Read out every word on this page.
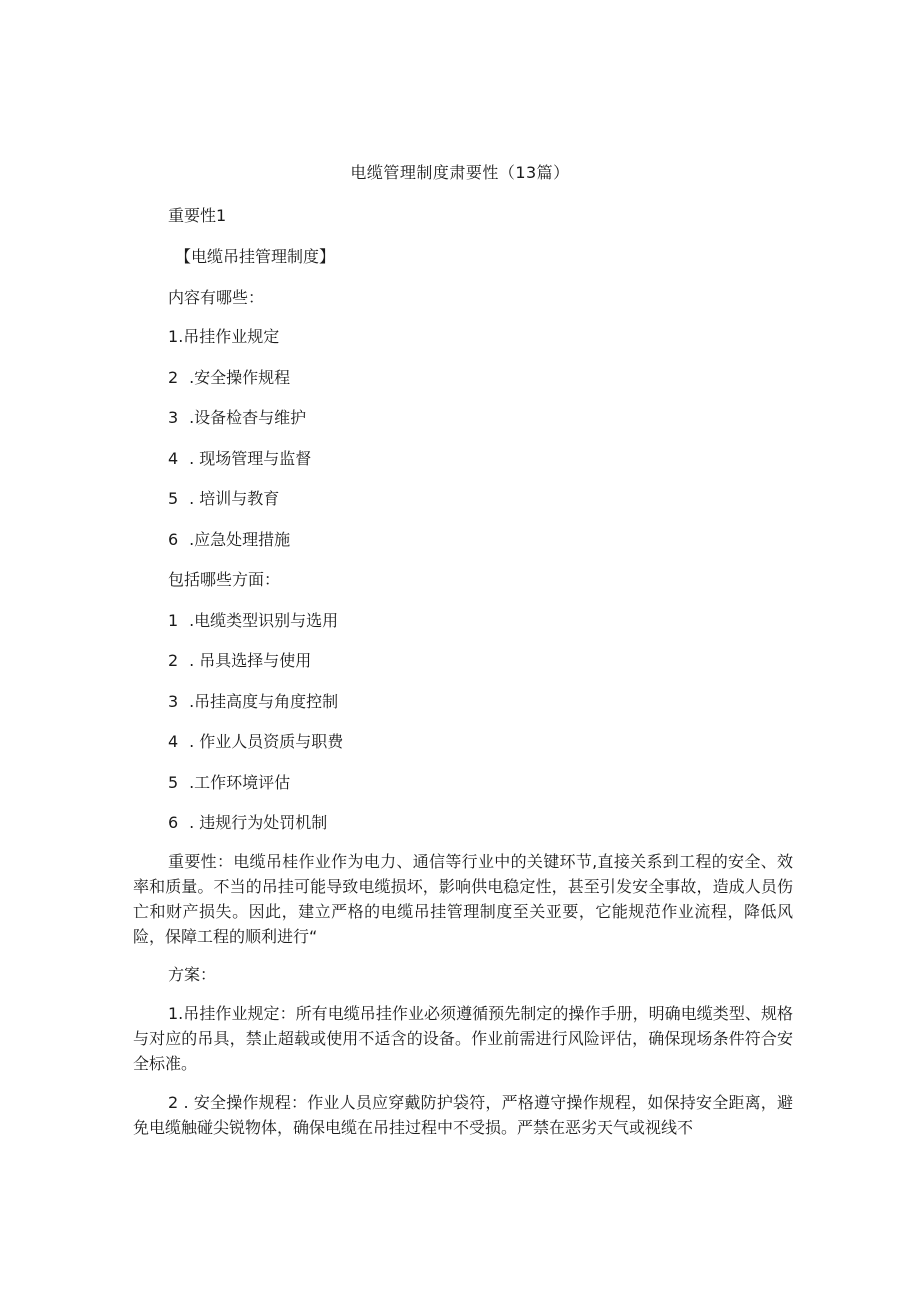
电缆管理制度肃要性（13篇）
重要性1
【电缆吊挂管理制度】
内容有哪些：
1.吊挂作业规定
2 .安全操作规程
3 .设备检杳与维护
4 . 现场管理与监督
5 . 培训与教育
6 .应急处理措施
包括哪些方面：
1 .电缆类型识别与选用
2 . 吊具选择与使用
3 .吊挂高度与角度控制
4 . 作业人员资质与职费
5 .工作环境评估
6 . 违规行为处罚机制
重要性：电缆吊桂作业作为电力、通信等行业中的关键环节,直接关系到工程的安全、效率和质量。不当的吊挂可能导致电缆损坏，影响供电稳定性，甚至引发安全事故，造成人员伤亡和财产损失。因此，建立严格的电缆吊挂管理制度至关亚要，它能规范作业流程，降低风险，保障工程的顺利进行“
方案：
1.吊挂作业规定：所有电缆吊挂作业必须遵循预先制定的操作手册，明确电缆类型、规格与对应的吊具，禁止超载或使用不适含的设备。作业前需进行风险评估，确保现场条件符合安全标准。
2 . 安全操作规程：作业人员应穿戴防护袋符，严格遵守操作规程，如保持安全距离，避免电缆触碰尖锐物体，确保电缆在吊挂过程中不受损。严禁在恶劣天气或视线不
